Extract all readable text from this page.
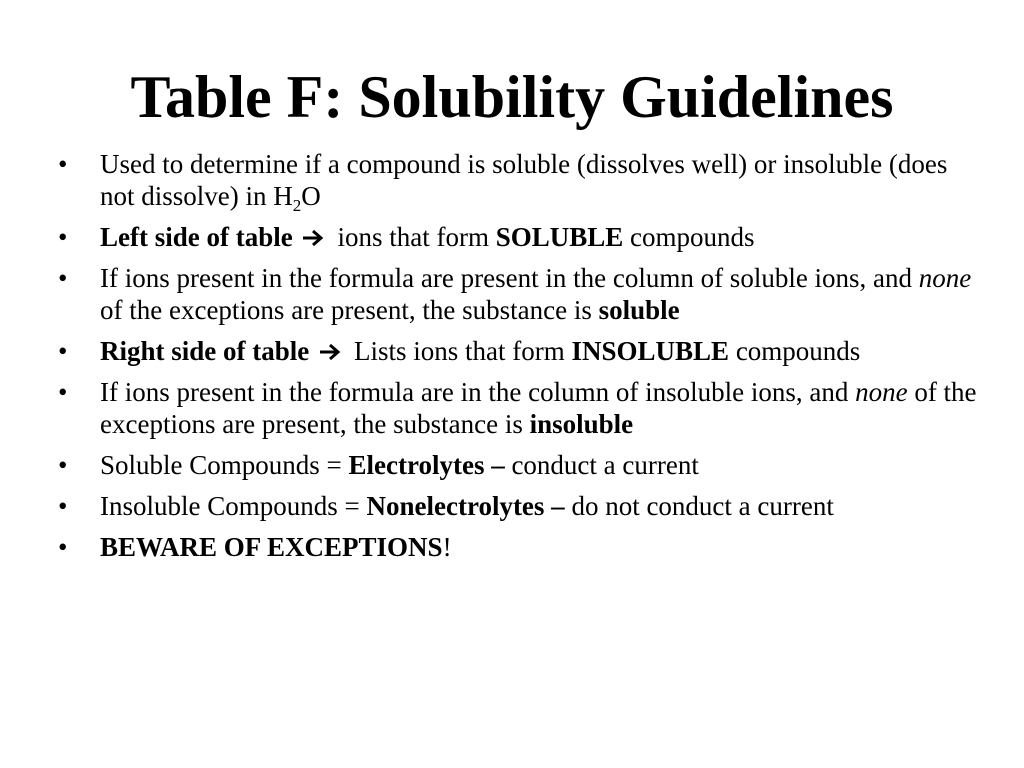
Table F: Solubility Guidelines
• Used to determine if a compound is soluble (dissolves well) or insoluble (does not dissolve) in $H_2O$
• Left side of table ions that form SOLUBLE compounds
• If ions present in the formula are present in the column of soluble ions, and none of the exceptions are present, the substance is soluble
• Right side of table Lists ions that form INSOLUBLE compounds
• If ions present in the formula are in the column of insoluble ions, and none of the exceptions are present, the substance is insoluble
• Soluble Compounds = Electrolytes – conduct a current
• Insoluble Compounds = Nonelectrolytes – do not conduct a current
• BEWARE OF EXCEPTIONS!
